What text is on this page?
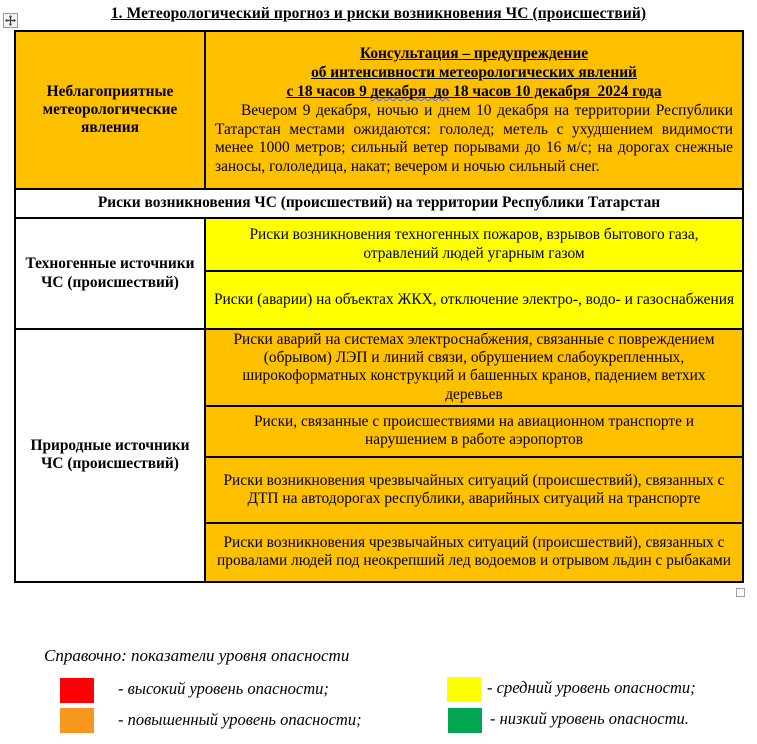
1. Метеорологический прогноз и риски возникновения ЧС (происшествий)
Неблагоприятные метеорологические явления	Консультация – предупреждение
об интенсивности метеорологических явлений
с 18 часов 9 декабря  до 18 часов 10 декабря  2024 года
Вечером 9 декабря, ночью и днем 10 декабря на территории Республики Татарстан местами ожидаются: гололед; метель с ухудшением видимости менее 1000 метров; сильный ветер порывами до 16 м/с; на дорогах снежные заносы, гололедица, накат; вечером и ночью сильный снег.

Риски возникновения ЧС (происшествий) на территории Республики Татарстан	
Техногенные источники ЧС (происшествий)	Риски возникновения техногенных пожаров, взрывов бытового газа, отравлений людей угарным газом
	Риски (аварии) на объектах ЖКХ, отключение электро-, водо- и газоснабжения
Природные источники ЧС (происшествий)	Риски аварий на системах электроснабжения, связанные с повреждением (обрывом) ЛЭП и линий связи, обрушением слабоукрепленных, широкоформатных конструкций и башенных кранов, падением ветхих деревьев
	Риски, связанные с происшествиями на авиационном транспорте и нарушением в работе аэропортов
	Риски возникновения чрезвычайных ситуаций (происшествий), связанных с ДТП на автодорогах республики, аварийных ситуаций на транспорте
	Риски возникновения чрезвычайных ситуаций (происшествий), связанных с провалами людей под неокрепший лед водоемов и отрывом льдин с рыбаками
Справочно: показатели уровня опасности
- высокий уровень опасности;
- повышенный уровень опасности;
- средний уровень опасности;
- низкий уровень опасности.
